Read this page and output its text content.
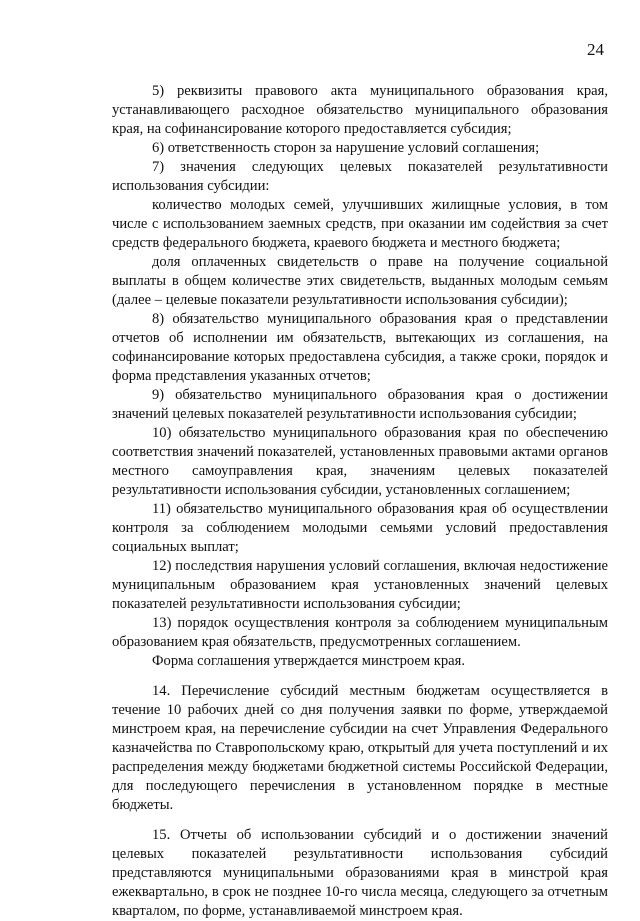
24

5) реквизиты правового акта муниципального образования края, устанавливающего расходное обязательство муниципального образования края, на софинансирование которого предоставляется субсидия;

6) ответственность сторон за нарушение условий соглашения;

7) значения следующих целевых показателей результативности использования субсидии:

количество молодых семей, улучшивших жилищные условия, в том числе с использованием заемных средств, при оказании им содействия за счет средств федерального бюджета, краевого бюджета и местного бюджета;

доля оплаченных свидетельств о праве на получение социальной выплаты в общем количестве этих свидетельств, выданных молодым семьям (далее – целевые показатели результативности использования субсидии);

8) обязательство муниципального образования края о представлении отчетов об исполнении им обязательств, вытекающих из соглашения, на софинансирование которых предоставлена субсидия, а также сроки, порядок и форма представления указанных отчетов;

9) обязательство муниципального образования края о достижении значений целевых показателей результативности использования субсидии;

10) обязательство муниципального образования края по обеспечению соответствия значений показателей, установленных правовыми актами органов местного самоуправления края, значениям целевых показателей результативности использования субсидии, установленных соглашением;

11) обязательство муниципального образования края об осуществлении контроля за соблюдением молодыми семьями условий предоставления социальных выплат;

12) последствия нарушения условий соглашения, включая недостижение муниципальным образованием края установленных значений целевых показателей результативности использования субсидии;

13) порядок осуществления контроля за соблюдением муниципальным образованием края обязательств, предусмотренных соглашением.

Форма соглашения утверждается минстроем края.

14. Перечисление субсидий местным бюджетам осуществляется в течение 10 рабочих дней со дня получения заявки по форме, утверждаемой минстроем края, на перечисление субсидии на счет Управления Федерального казначейства по Ставропольскому краю, открытый для учета поступлений и их распределения между бюджетами бюджетной системы Российской Федерации, для последующего перечисления в установленном порядке в местные бюджеты.

15. Отчеты об использовании субсидий и о достижении значений целевых показателей результативности использования субсидий представляются муниципальными образованиями края в минстрой края ежеквартально, в срок не позднее 10-го числа месяца, следующего за отчетным кварталом, по форме, устанавливаемой минстроем края.
